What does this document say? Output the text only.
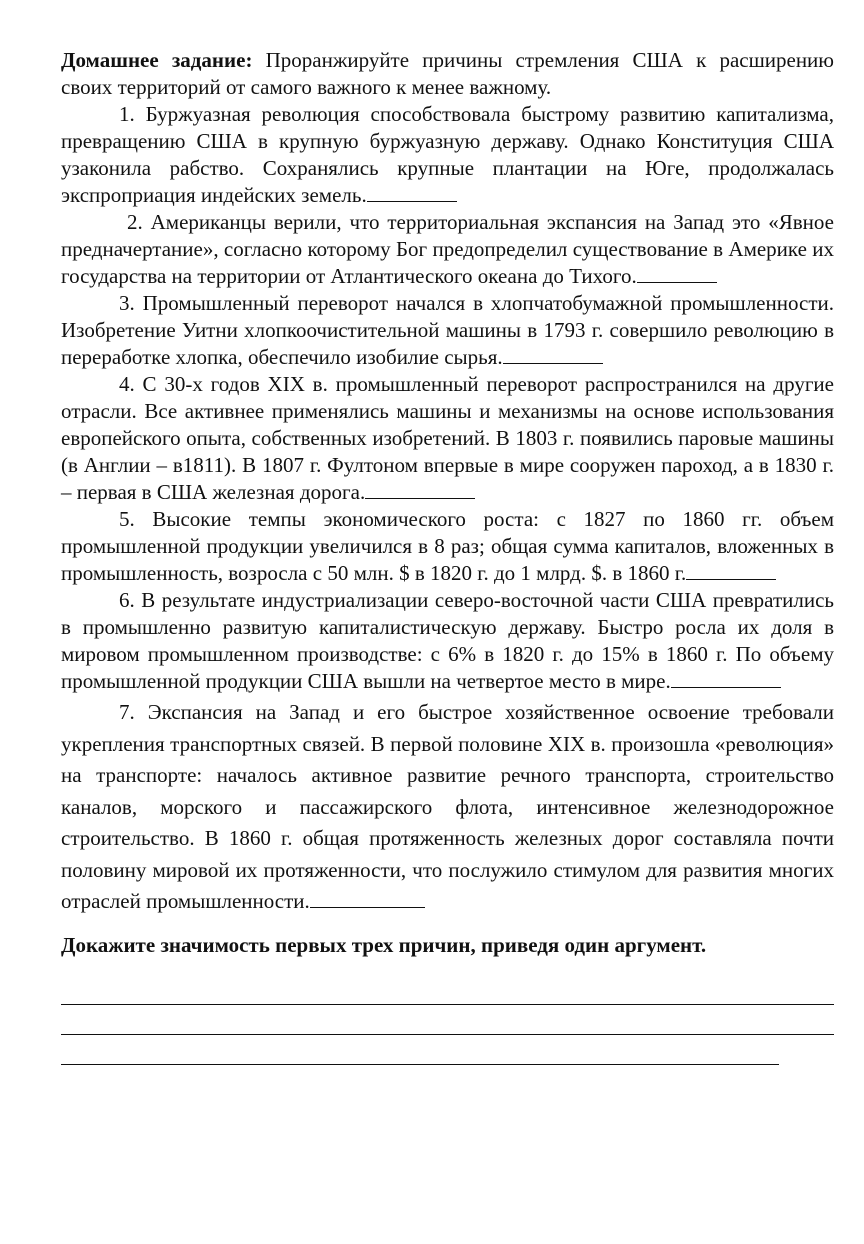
Домашнее задание: Проранжируйте причины стремления США к расширению своих территорий от самого важного к менее важному.

1. Буржуазная революция способствовала быстрому развитию капитализма, превращению США в крупную буржуазную державу. Однако Конституция США узаконила рабство. Сохранялись крупные плантации на Юге, продолжалась экспроприация индейских земель.

2. Американцы верили, что территориальная экспансия на Запад это «Явное предначертание», согласно которому Бог предопределил существование в Америке их государства на территории от Атлантического океана до Тихого.

3. Промышленный переворот начался в хлопчатобумажной промышленности. Изобретение Уитни хлопкоочистительной машины в 1793 г. совершило революцию в переработке хлопка, обеспечило изобилие сырья.

4. С 30-х годов XIX в. промышленный переворот распространился на другие отрасли. Все активнее применялись машины и механизмы на основе использования европейского опыта, собственных изобретений. В 1803 г. появились паровые машины (в Англии – в1811). В 1807 г. Фултоном впервые в мире сооружен пароход, а в 1830 г. – первая в США железная дорога.

5. Высокие темпы экономического роста: с 1827 по 1860 гг. объем промышленной продукции увеличился в 8 раз; общая сумма капиталов, вложенных в промышленность, возросла с 50 млн. $ в 1820 г. до 1 млрд. $. в 1860 г.

6. В результате индустриализации северо-восточной части США превратились в промышленно развитую капиталистическую державу. Быстро росла их доля в мировом промышленном производстве: с 6% в 1820 г. до 15% в 1860 г. По объему промышленной продукции США вышли на четвертое место в мире.

7. Экспансия на Запад и его быстрое хозяйственное освоение требовали укрепления транспортных связей. В первой половине XIX в. произошла «революция» на транспорте: началось активное развитие речного транспорта, строительство каналов, морского и пассажирского флота, интенсивное железнодорожное строительство. В 1860 г. общая протяженность железных дорог составляла почти половину мировой их протяженности, что послужило стимулом для развития многих отраслей промышленности.

Докажите значимость первых трех причин, приведя один аргумент.
